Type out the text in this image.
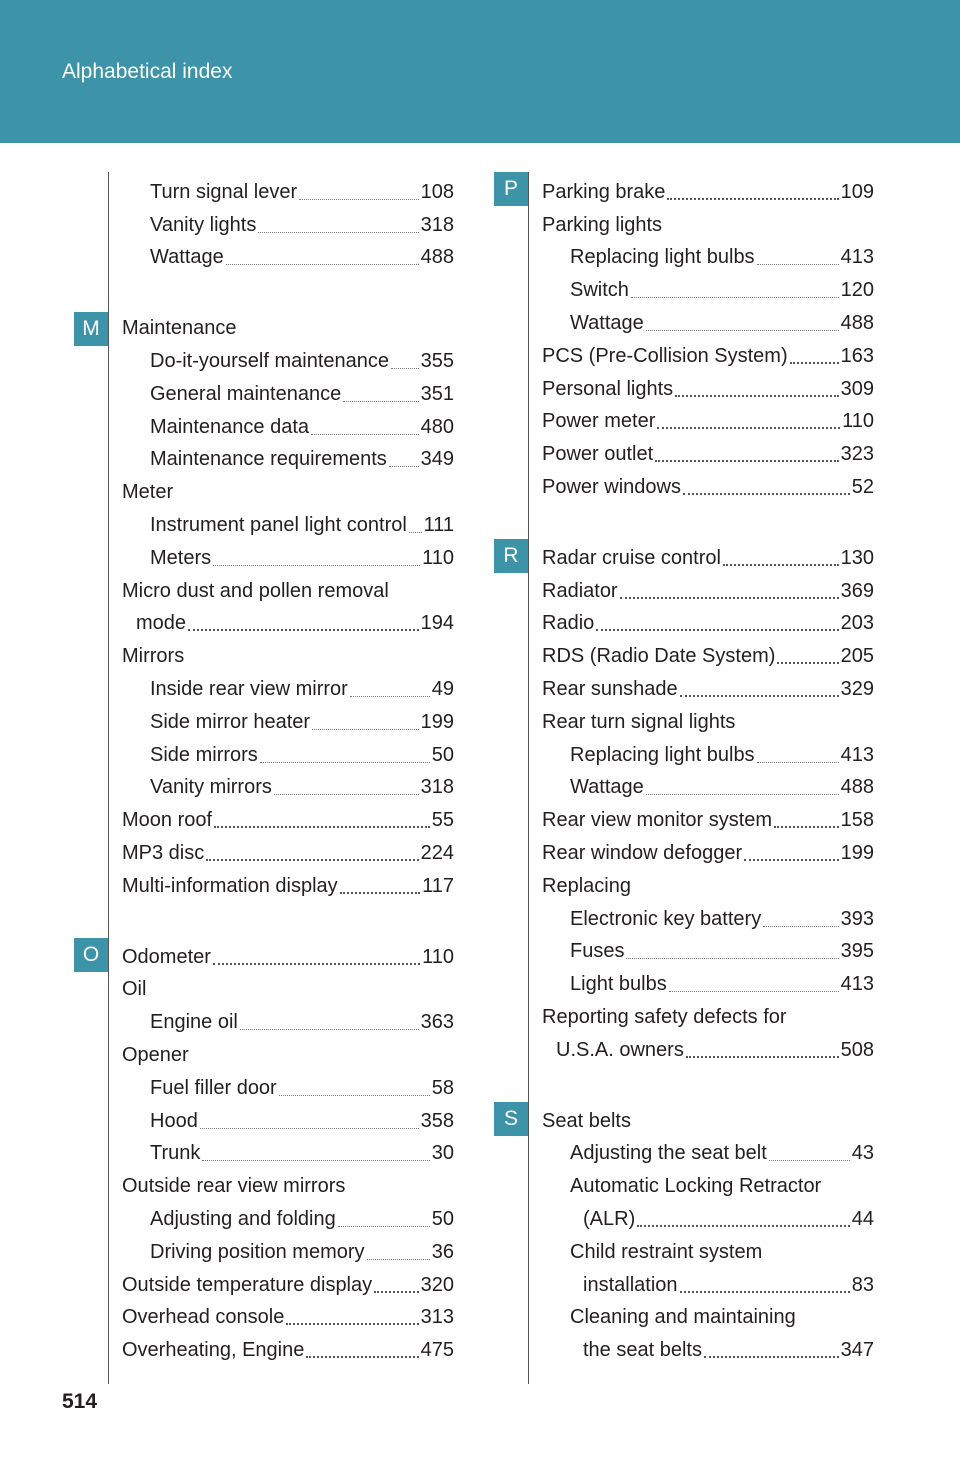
Alphabetical index
M
O
P
R
S
Turn signal lever	108
Vanity lights	318
Wattage	488
Maintenance
Do-it-yourself maintenance 355
General maintenance	351
Maintenance data	480
Maintenance requirements 349
Meter
Instrument panel light control 111
Meters	110
Micro dust and pollen removal
mode	194
Mirrors
Inside rear view mirror	49
Side mirror heater	199
Side mirrors	50
Vanity mirrors	318
Moon roof	55
MP3 disc	224
Multi-information display	117
Odometer	110
Oil
Engine oil	363
Opener
Fuel filler door	58
Hood	358
Trunk	30
Outside rear view mirrors
Adjusting and folding	50
Driving position memory	36
Outside temperature display 320
Overhead console	313
Overheating, Engine	475
Parking brake	109
Parking lights
Replacing light bulbs	413
Switch	120
Wattage	488
PCS (Pre-Collision System)	163
Personal lights	309
Power meter	110
Power outlet	323
Power windows	52
Radar cruise control	130
Radiator	369
Radio	203
RDS (Radio Date System)	205
Rear sunshade	329
Rear turn signal lights
Replacing light bulbs	413
Wattage	488
Rear view monitor system	158
Rear window defogger	199
Replacing
Electronic key battery	393
Fuses	395
Light bulbs	413
Reporting safety defects for
U.S.A. owners	508
Seat belts
Adjusting the seat belt	43
Automatic Locking Retractor
(ALR)	44
Child restraint system
installation	83
Cleaning and maintaining
the seat belts	347
514
